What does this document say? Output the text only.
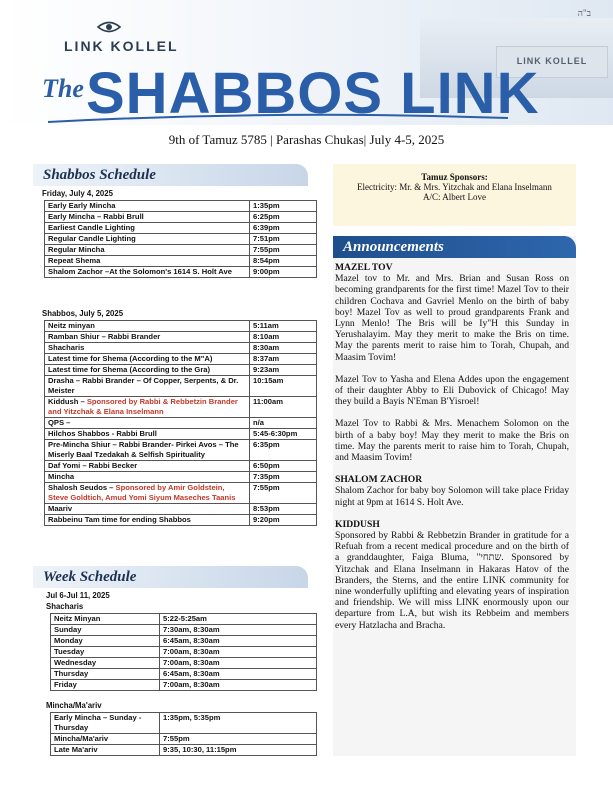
LINK KOLLEL
ב"ה
LINK KOLLEL
The SHABBOS LINK
9th of Tamuz 5785 | Parashas Chukas| July 4-5, 2025
Shabbos Schedule
Friday, July 4, 2025
Early Early Mincha	1:35pm
Early Mincha – Rabbi Brull	6:25pm
Earliest Candle Lighting	6:39pm
Regular Candle Lighting	7:51pm
Regular Mincha	7:55pm
Repeat Shema	8:54pm
Shalom Zachor –At the Solomon's 1614 S. Holt Ave	9:00pm
Shabbos, July 5, 2025
Neitz minyan	5:11am
Ramban Shiur – Rabbi Brander	8:10am
Shacharis	8:30am
Latest time for Shema (According to the M"A)	8:37am
Latest time for Shema (According to the Gra)	9:23am
Drasha – Rabbi Brander – Of Copper, Serpents, & Dr. Meister	10:15am
Kiddush – Sponsored by Rabbi & Rebbetzin Brander and Yitzchak & Elana Inselmann	11:00am
QPS –	n/a
Hilchos Shabbos - Rabbi Brull	5:45-6:30pm
Pre-Mincha Shiur – Rabbi Brander- Pirkei Avos – The Miserly Baal Tzedakah & Selfish Spirituality	6:35pm
Daf Yomi – Rabbi Becker	6:50pm
Mincha	7:35pm
Shalosh Seudos – Sponsored by Amir Goldstein, Steve Goldtich, Amud Yomi Siyum Maseches Taanis	7:55pm
Maariv	8:53pm
Rabbeinu Tam time for ending Shabbos	9:20pm
Week Schedule
Jul 6-Jul 11, 2025
Shacharis
Neitz Minyan	5:22-5:25am
Sunday	7:30am, 8:30am
Monday	6:45am, 8:30am
Tuesday	7:00am, 8:30am
Wednesday	7:00am, 8:30am
Thursday	6:45am, 8:30am
Friday	7:00am, 8:30am
Mincha/Ma'ariv
Early Mincha – Sunday - Thursday	1:35pm, 5:35pm
Mincha/Ma'ariv	7:55pm
Late Ma'ariv	9:35, 10:30, 11:15pm
Tamuz Sponsors:
Electricity: Mr. & Mrs. Yitzchak and Elana Inselmann
A/C: Albert Love
Announcements

MAZEL TOV

Mazel tov to Mr. and Mrs. Brian and Susan Ross on becoming grandparents for the first time! Mazel Tov to their children Cochava and Gavriel Menlo on the birth of baby boy! Mazel Tov as well to proud grandparents Frank and Lynn Menlo! The Bris will be Iy"H this Sunday in Yerushalayim. May they merit to make the Bris on time. May the parents merit to raise him to Torah, Chupah, and Maasim Tovim!

Mazel Tov to Yasha and Elena Addes upon the engagement of their daughter Abby to Eli Dubovick of Chicago! May they build a Bayis N'Eman B'Yisroel!

Mazel Tov to Rabbi & Mrs. Menachem Solomon on the birth of a baby boy! May they merit to make the Bris on time. May the parents merit to raise him to Torah, Chupah, and Maasim Tovim!

SHALOM ZACHOR

Shalom Zachor for baby boy Solomon will take place Friday night at 9pm at 1614 S. Holt Ave.

KIDDUSH

Sponsored by Rabbi & Rebbetzin Brander in gratitude for a Refuah from a recent medical procedure and on the birth of a granddaughter, Faiga Bluma, "שתחי. Sponsored by Yitzchak and Elana Inselmann in Hakaras Hatov of the Branders, the Sterns, and the entire LINK community for nine wonderfully uplifting and elevating years of inspiration and friendship. We will miss LINK enormously upon our departure from L.A, but wish its Rebbeim and members every Hatzlacha and Bracha.
